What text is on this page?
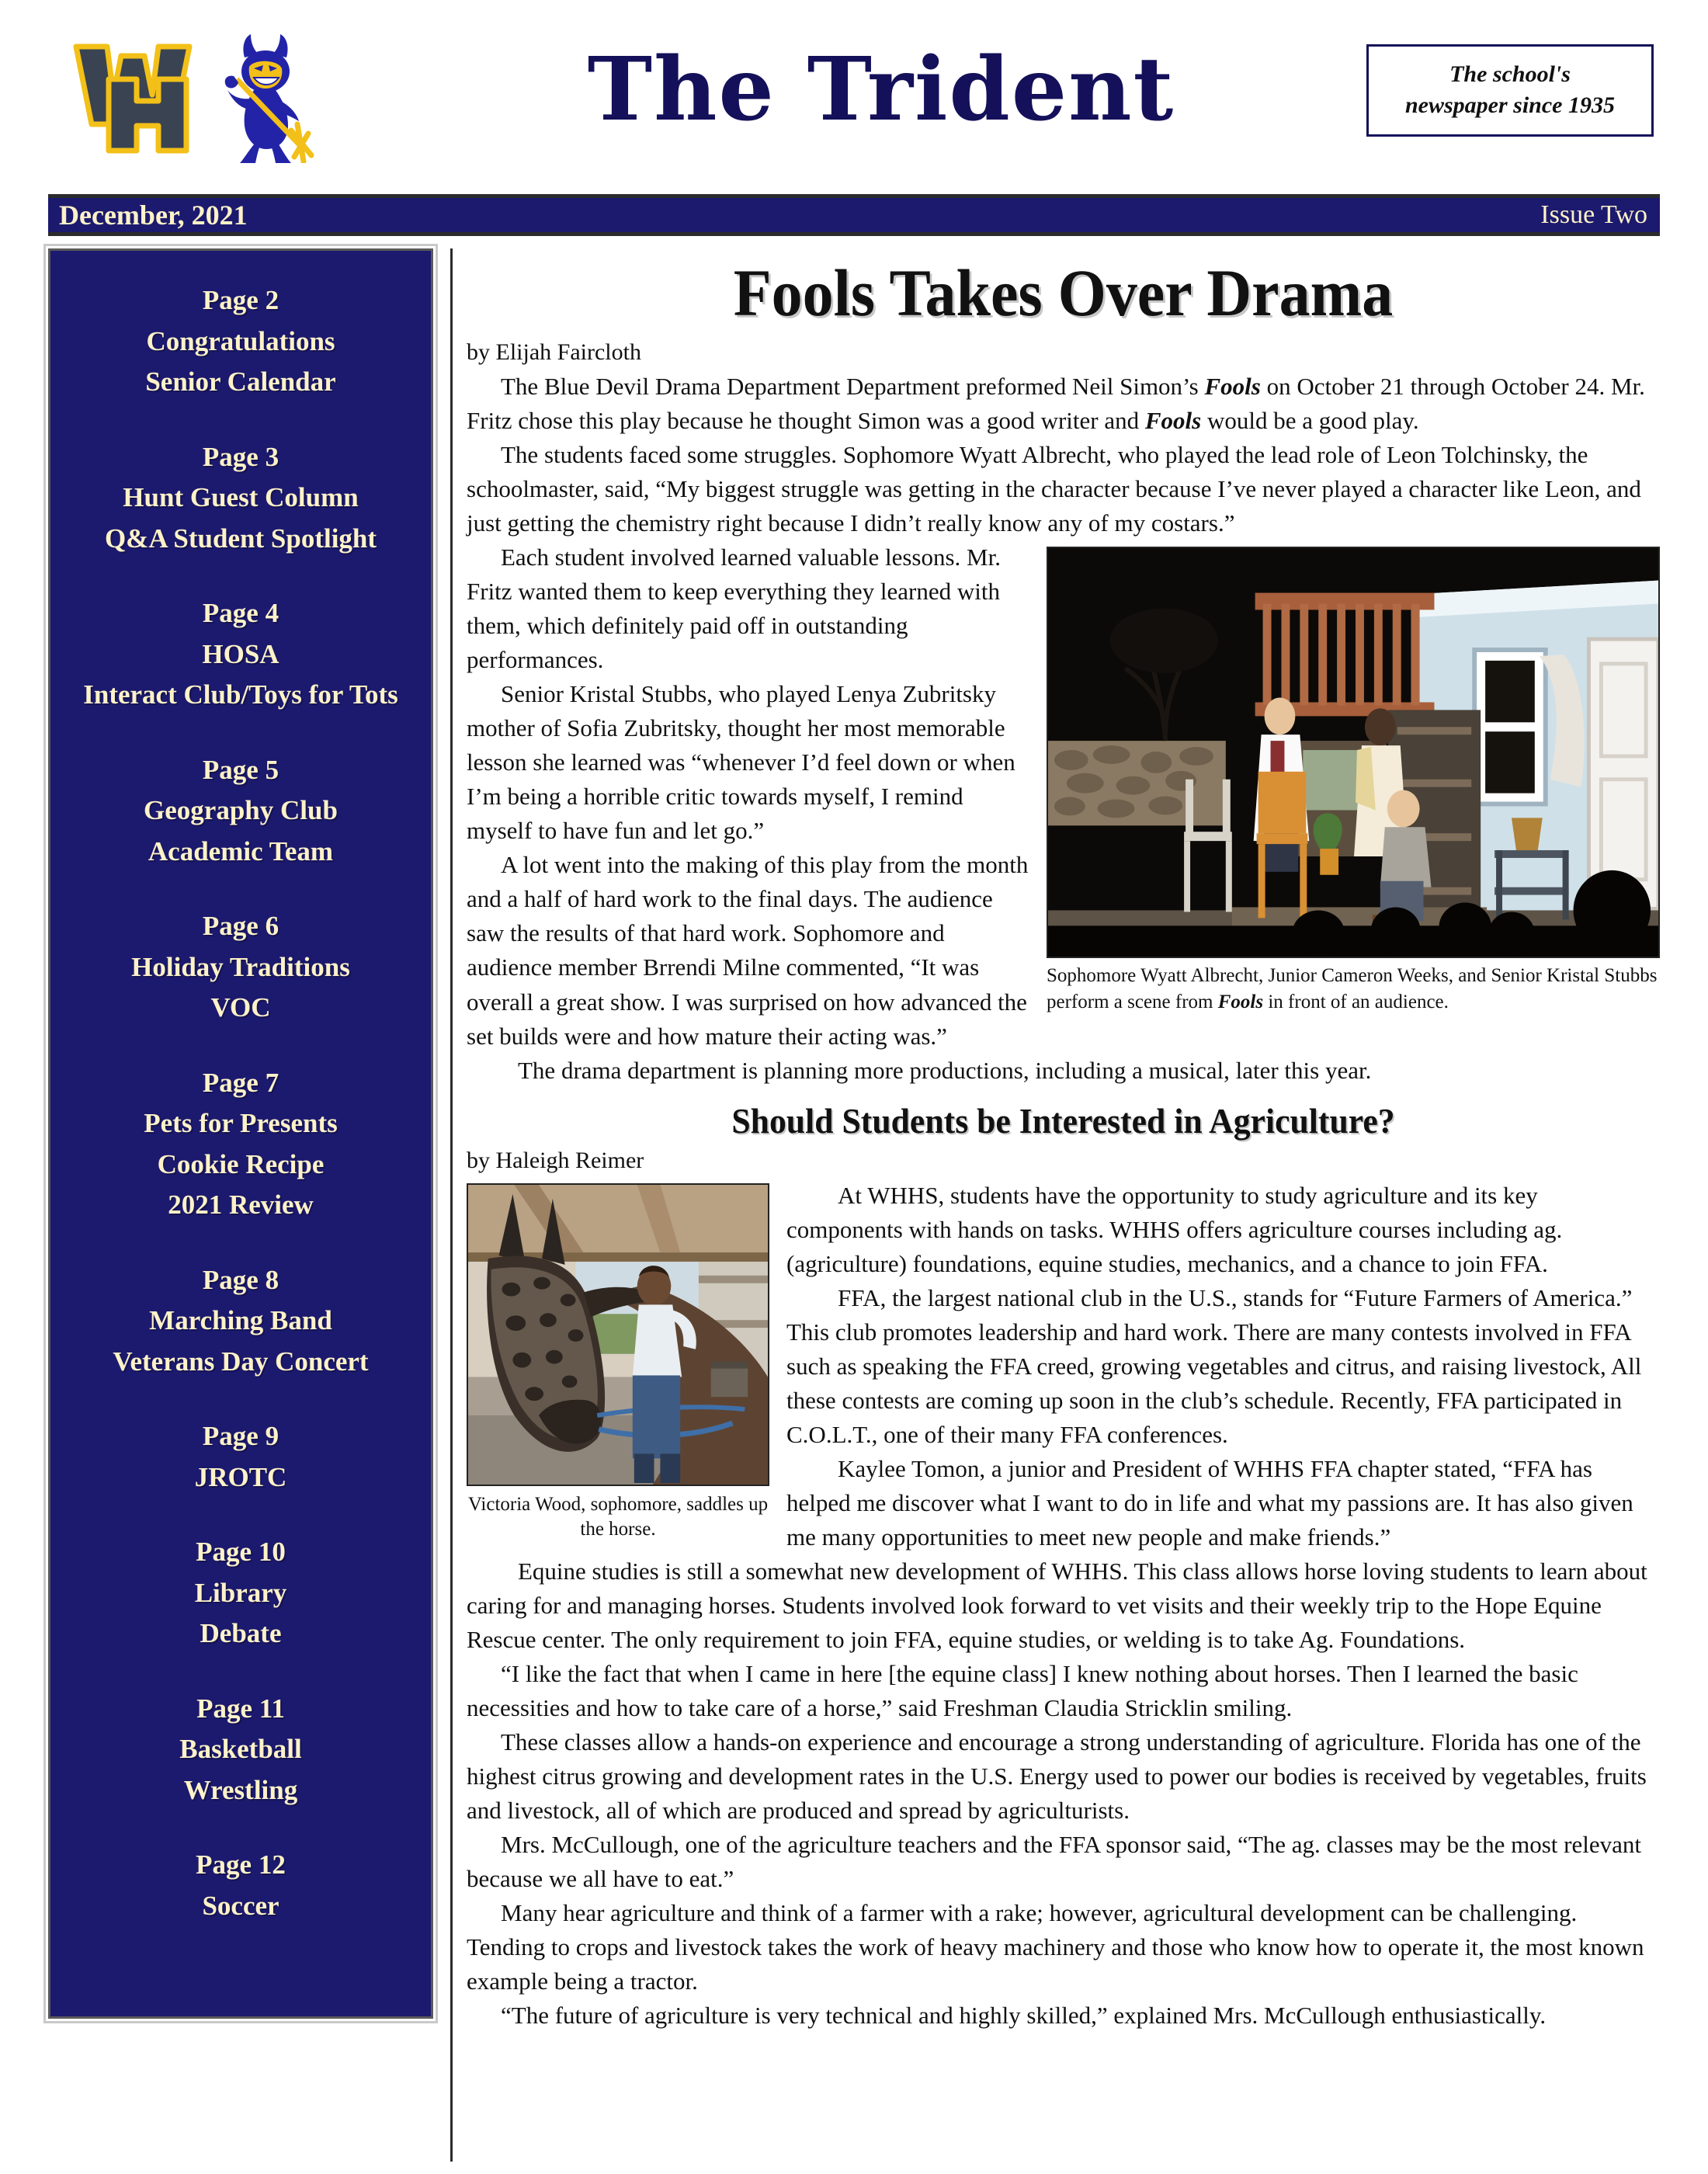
The Trident	The school's
newspaper since 1935
December, 2021	Issue Two
Page 2
Congratulations
Senior Calendar
Page 3
Hunt Guest Column
Q&A Student Spotlight
Page 4
HOSA
Interact Club/Toys for Tots
Page 5
Geography Club
Academic Team
Page 6
Holiday Traditions
VOC
Page 7
Pets for Presents
Cookie Recipe
2021 Review
Page 8
Marching Band
Veterans Day Concert
Page 9
JROTC
Page 10
Library
Debate
Page 11
Basketball
Wrestling
Page 12
Soccer
Fools Takes Over Drama
by Elijah Faircloth

The Blue Devil Drama Department Department preformed Neil Simon’s Fools on October 21 through October 24. Mr. Fritz chose this play because he thought Simon was a good writer and Fools would be a good play.

The students faced some struggles. Sophomore Wyatt Albrecht, who played the lead role of Leon Tolchinsky, the schoolmaster, said, “My biggest struggle was getting in the character because I’ve never played a character like Leon, and just getting the chemistry right because I didn’t really know any of my costars.”

Sophomore Wyatt Albrecht, Junior Cameron Weeks, and Senior Kristal Stubbs perform a scene from Fools in front of an audience.

Each student involved learned valuable lessons. Mr. Fritz wanted them to keep everything they learned with them, which definitely paid off in outstanding performances.

Senior Kristal Stubbs, who played Lenya Zubritsky mother of Sofia Zubritsky, thought her most memorable lesson she learned was “whenever I’d feel down or when I’m being a horrible critic towards myself, I remind myself to have fun and let go.”

A lot went into the making of this play from the month and a half of hard work to the final days. The audience saw the results of that hard work. Sophomore and audience member Brrendi Milne commented, “It was overall a great show. I was surprised on how advanced the set builds were and how mature their acting was.”

The drama department is planning more productions, including a musical, later this year.

Should Students be Interested in Agriculture?
by Haleigh Reimer
Victoria Wood, sophomore, saddles up the horse.

At WHHS, students have the opportunity to study agriculture and its key components with hands on tasks. WHHS offers agriculture courses including ag. (agriculture) foundations, equine studies, mechanics, and a chance to join FFA.

FFA, the largest national club in the U.S., stands for “Future Farmers of America.” This club promotes leadership and hard work. There are many contests involved in FFA such as speaking the FFA creed, growing vegetables and citrus, and raising livestock, All these contests are coming up soon in the club’s schedule. Recently, FFA participated in C.O.L.T., one of their many FFA conferences.

Kaylee Tomon, a junior and President of WHHS FFA chapter stated, “FFA has helped me discover what I want to do in life and what my passions are. It has also given me many opportunities to meet new people and make friends.”

Equine studies is still a somewhat new development of WHHS. This class allows horse loving students to learn about caring for and managing horses. Students involved look forward to vet visits and their weekly trip to the Hope Equine Rescue center. The only requirement to join FFA, equine studies, or welding is to take Ag. Foundations.

“I like the fact that when I came in here [the equine class] I knew nothing about horses. Then I learned the basic necessities and how to take care of a horse,” said Freshman Claudia Stricklin smiling.

These classes allow a hands-on experience and encourage a strong understanding of agriculture. Florida has one of the highest citrus growing and development rates in the U.S. Energy used to power our bodies is received by vegetables, fruits and livestock, all of which are produced and spread by agriculturists.

Mrs. McCullough, one of the agriculture teachers and the FFA sponsor said, “The ag. classes may be the most relevant because we all have to eat.”

Many hear agriculture and think of a farmer with a rake; however, agricultural development can be challenging. Tending to crops and livestock takes the work of heavy machinery and those who know how to operate it, the most known example being a tractor.

“The future of agriculture is very technical and highly skilled,” explained Mrs. McCullough enthusiastically.
